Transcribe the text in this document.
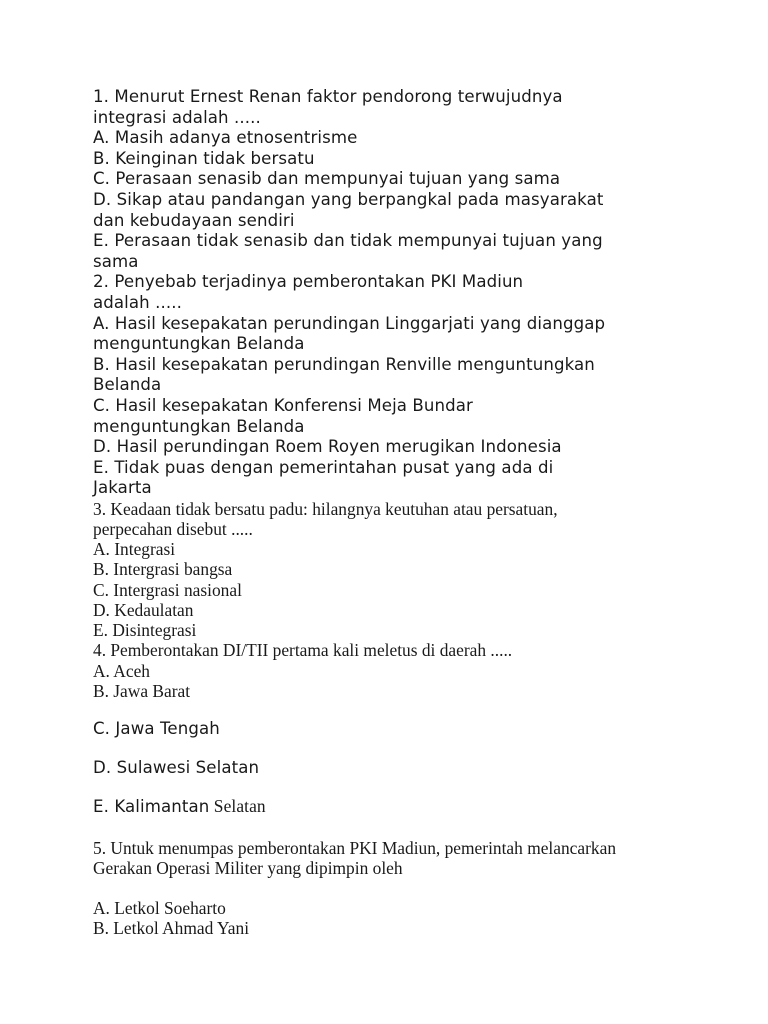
1. Menurut Ernest Renan faktor pendorong terwujudnya
integrasi adalah .....
A. Masih adanya etnosentrisme
B. Keinginan tidak bersatu
C. Perasaan senasib dan mempunyai tujuan yang sama
D. Sikap atau pandangan yang berpangkal pada masyarakat
dan kebudayaan sendiri
E. Perasaan tidak senasib dan tidak mempunyai tujuan yang
sama
2. Penyebab terjadinya pemberontakan PKI Madiun
adalah .....
A. Hasil kesepakatan perundingan Linggarjati yang dianggap
menguntungkan Belanda
B. Hasil kesepakatan perundingan Renville menguntungkan
Belanda
C. Hasil kesepakatan Konferensi Meja Bundar
menguntungkan Belanda
D. Hasil perundingan Roem Royen merugikan Indonesia
E. Tidak puas dengan pemerintahan pusat yang ada di
Jakarta
3. Keadaan tidak bersatu padu: hilangnya keutuhan atau persatuan,
perpecahan disebut .....
A. Integrasi
B. Intergrasi bangsa
C. Intergrasi nasional
D. Kedaulatan
E. Disintegrasi
4. Pemberontakan DI/TII pertama kali meletus di daerah .....
A. Aceh
B. Jawa Barat
C. Jawa Tengah
D. Sulawesi Selatan
E. Kalimantan Selatan
5. Untuk menumpas pemberontakan PKI Madiun, pemerintah melancarkan
Gerakan Operasi Militer yang dipimpin oleh
A. Letkol Soeharto
B. Letkol Ahmad Yani
